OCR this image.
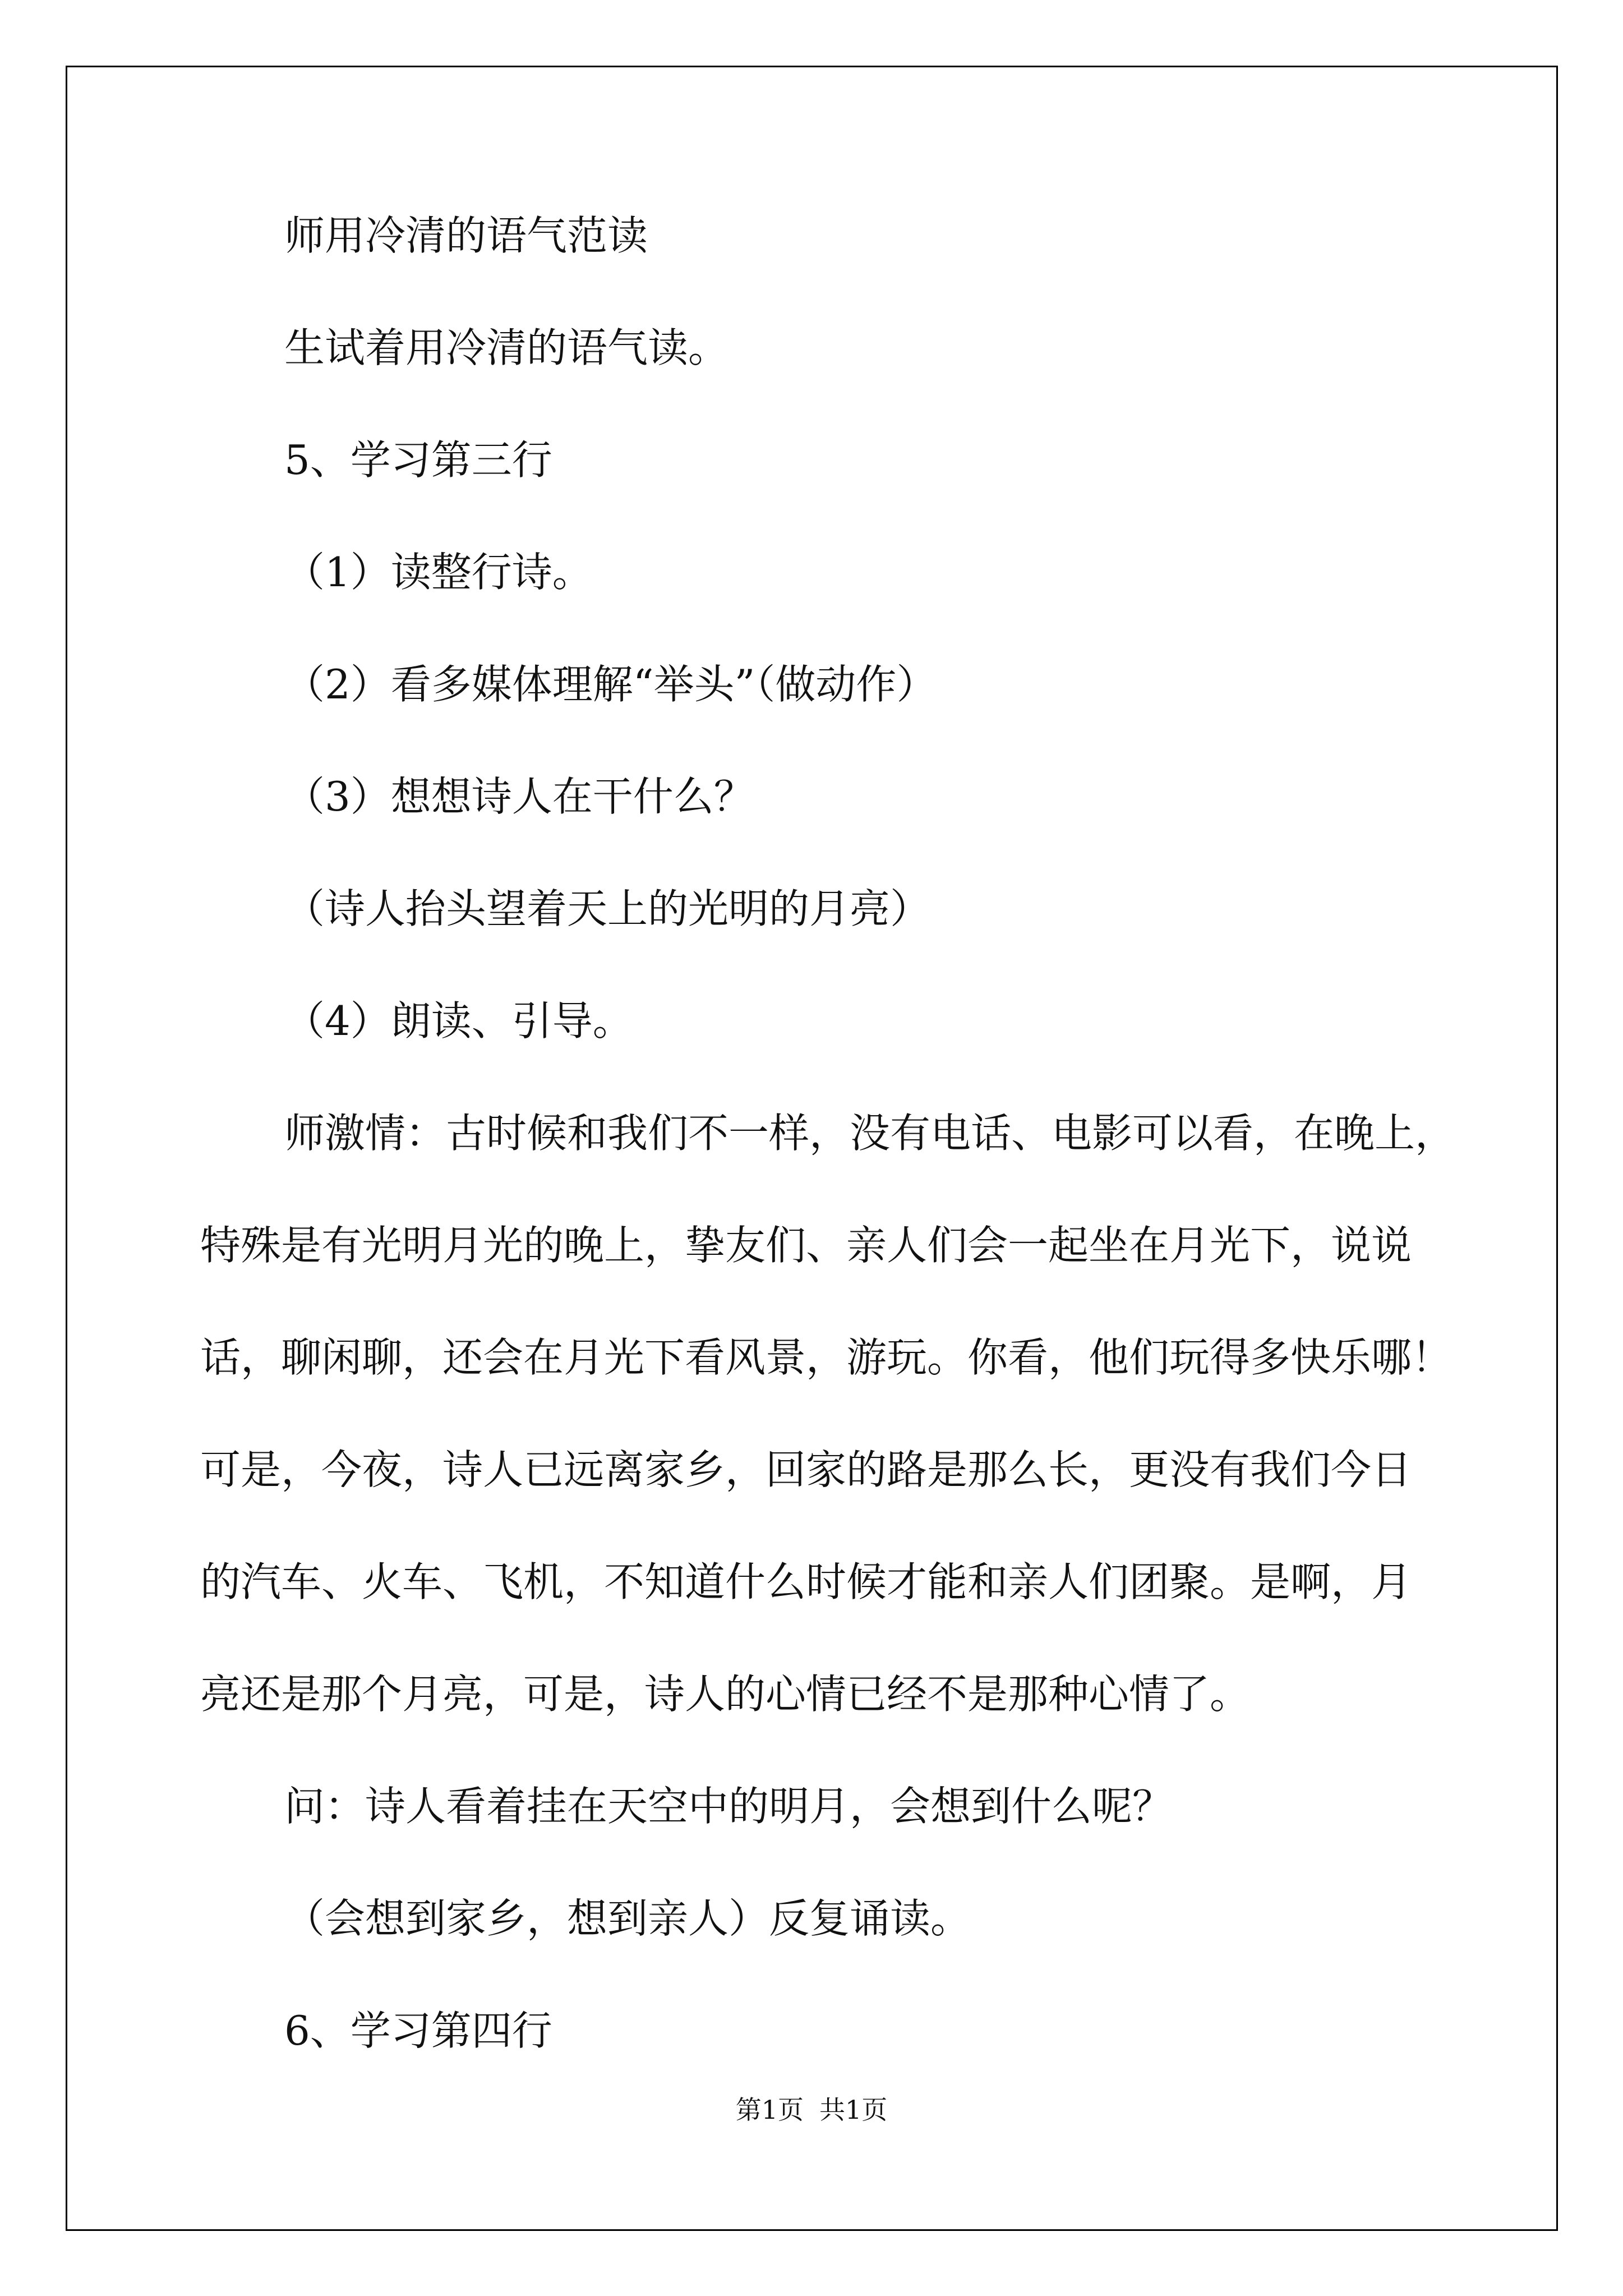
师用冷清的语气范读
生试着用冷清的语气读。
5、学习第三行
（1）读整行诗。
（2）看多媒体理解“举头”（做动作）
（3）想想诗人在干什么？
（诗人抬头望着天上的光明的月亮）
（4）朗读、引导。
师激情：古时候和我们不一样，没有电话、电影可以看，在晚上，
特殊是有光明月光的晚上，挚友们、亲人们会一起坐在月光下，说说
话，聊闲聊，还会在月光下看风景，游玩。你看，他们玩得多快乐哪！
可是，今夜，诗人已远离家乡，回家的路是那么长，更没有我们今日
的汽车、火车、飞机，不知道什么时候才能和亲人们团聚。是啊，月
亮还是那个月亮，可是，诗人的心情已经不是那种心情了。
问：诗人看着挂在天空中的明月，会想到什么呢？
（会想到家乡，想到亲人）反复诵读。
6、学习第四行
第1页 共1页
